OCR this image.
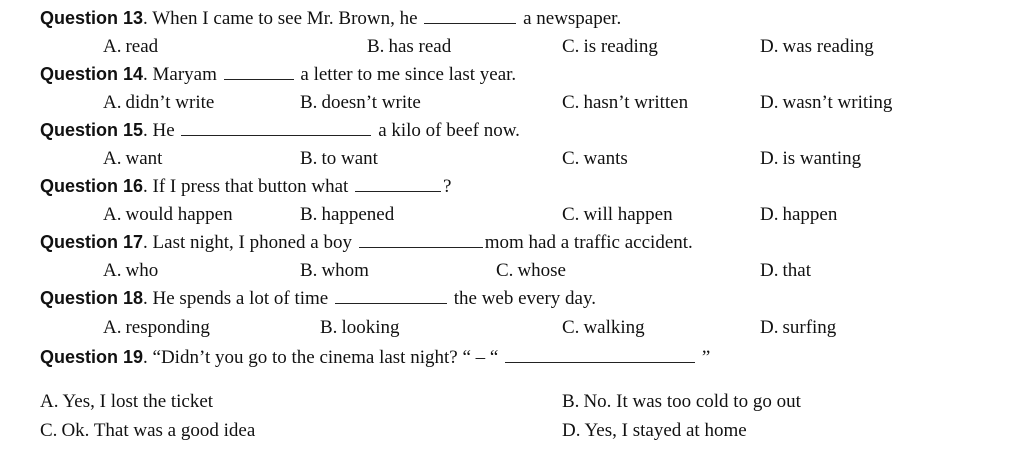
Question 13. When I came to see Mr. Brown, he	a newspaper.
A. read	B. has read	C. is reading	D. was reading
Question 14. Maryam	a letter to me since last year.
A. didn’t write	B. doesn’t write	C. hasn’t written	D. wasn’t writing
Question 15. He	a kilo of beef now.
A. want	B. to want	C. wants	D. is wanting
Question 16. If I press that button what	?
A. would happen	B. happened	C. will happen	D. happen
Question 17. Last night, I phoned a boy	mom had a traffic accident.
A. who	B. whom	C. whose	D. that
Question 18. He spends a lot of time	the web every day.
A. responding	B. looking	C. walking	D. surfing
Question 19. “Didn’t you go to the cinema last night? “ – “	”
A. Yes, I lost the ticket	B. No. It was too cold to go out
C. Ok. That was a good idea	D. Yes, I stayed at home
